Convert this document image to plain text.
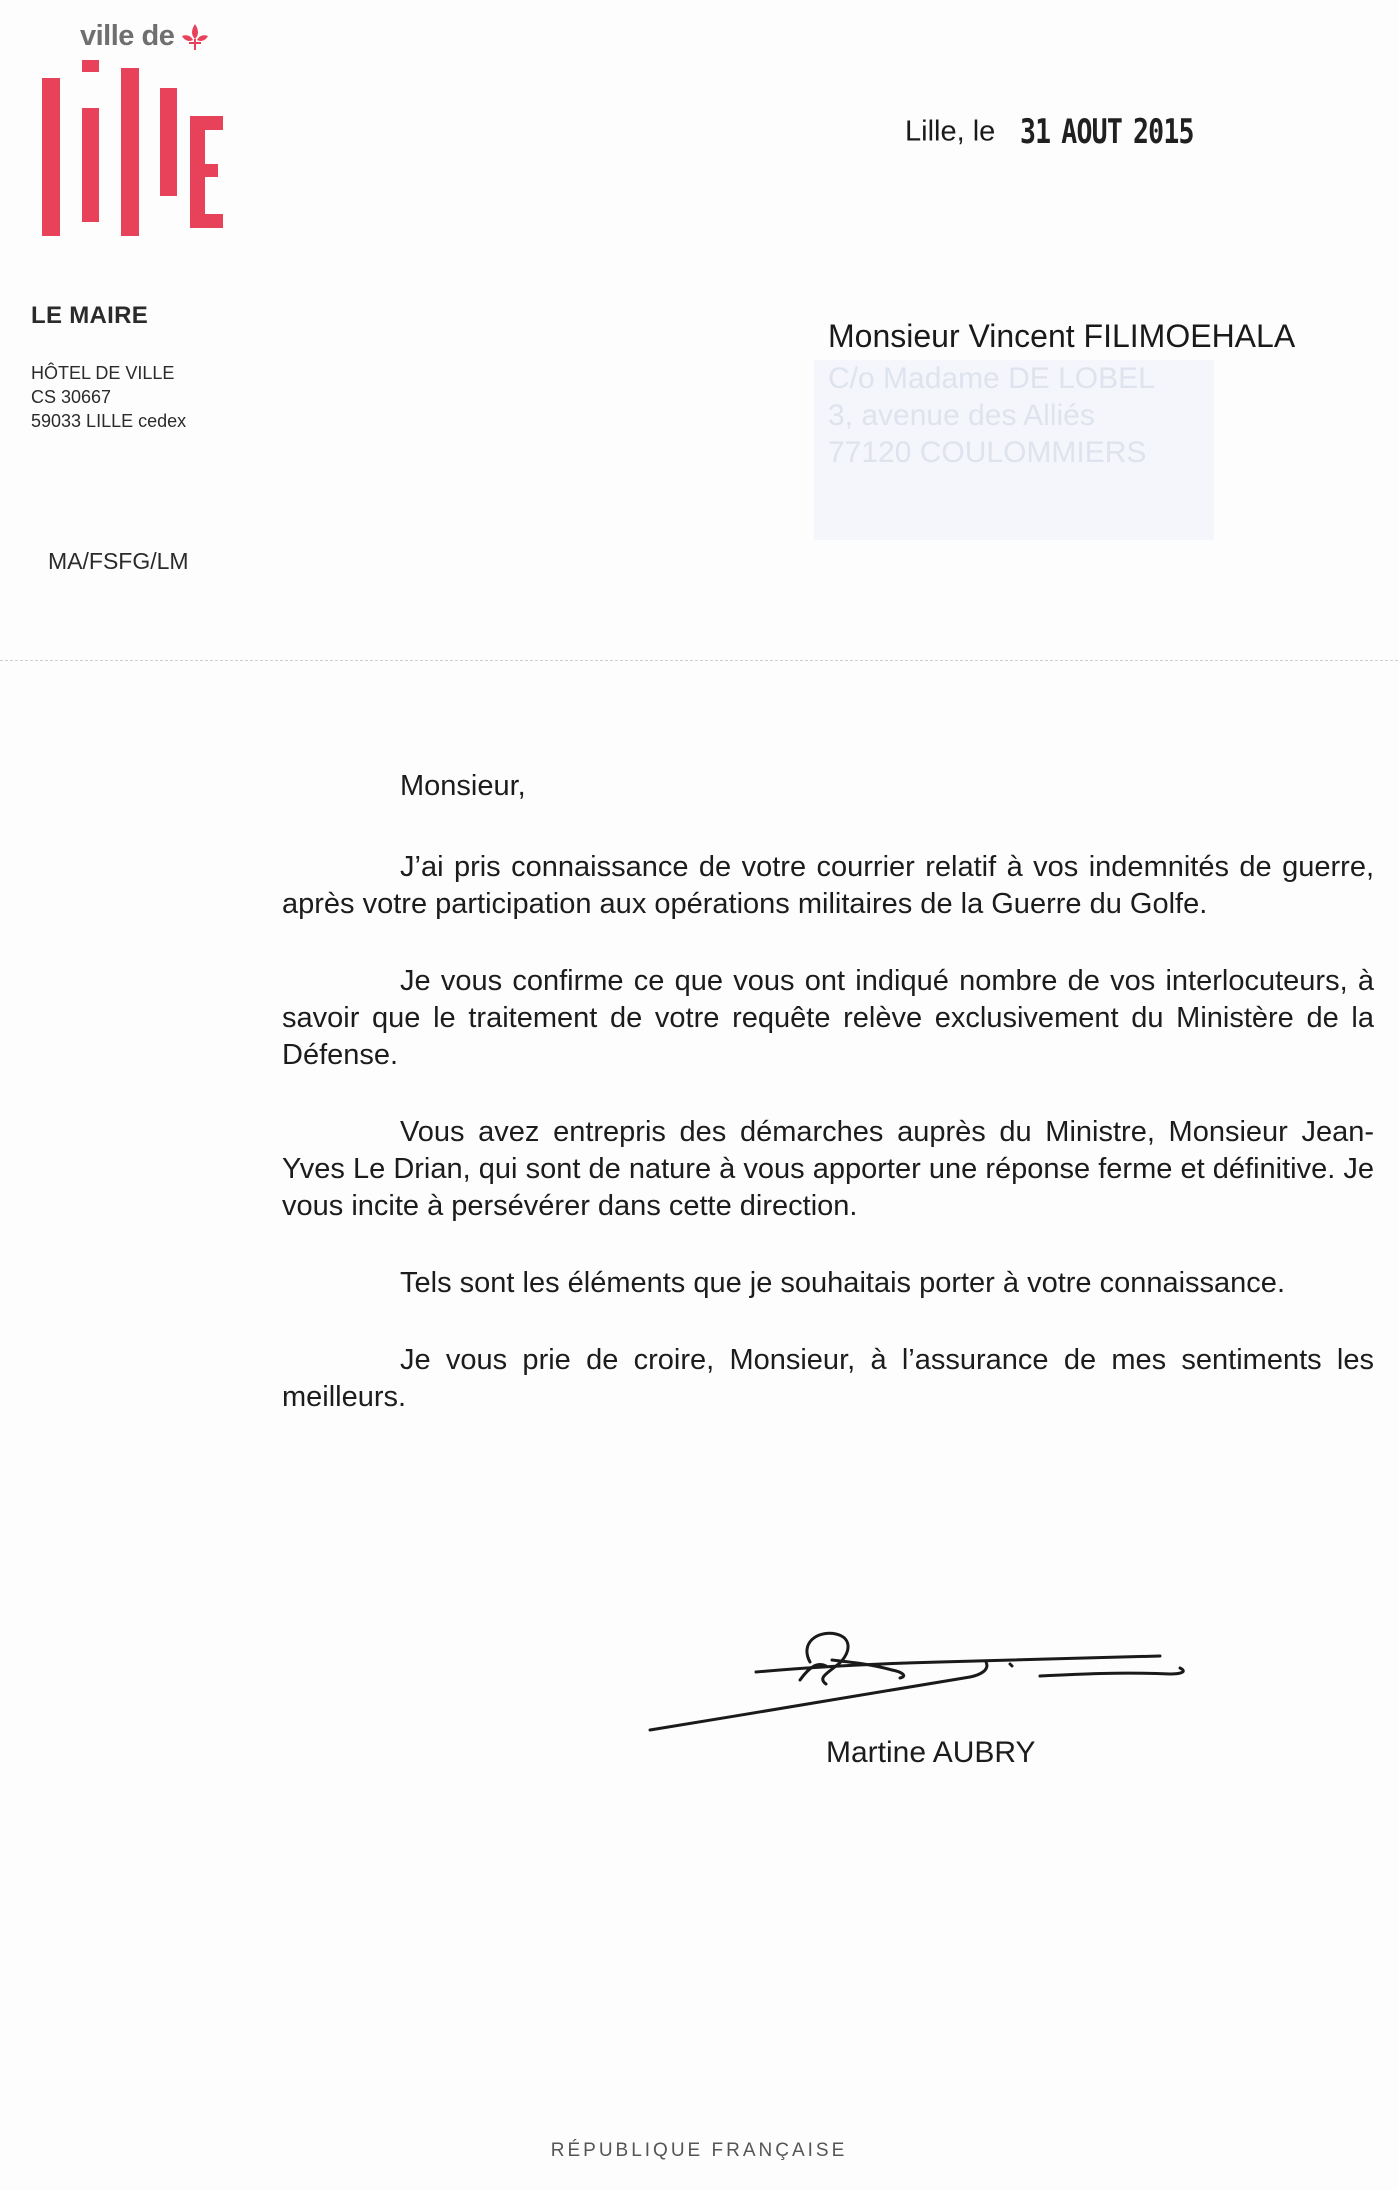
ville de
LE MAIRE
HÔTEL DE VILLE
CS 30667
59033 LILLE cedex
MA/FSFG/LM
Lille, le 31 AOUT 2015
Monsieur Vincent FILIMOEHALA
C/o Madame DE LOBEL
3, avenue des Alliés
77120 COULOMMIERS
Monsieur,

J’ai pris connaissance de votre courrier relatif à vos indemnités de guerre, après votre participation aux opérations militaires de la Guerre du Golfe.

Je vous confirme ce que vous ont indiqué nombre de vos interlocuteurs, à savoir que le traitement de votre requête relève exclusivement du Ministère de la Défense.

Vous avez entrepris des démarches auprès du Ministre, Monsieur Jean-Yves Le Drian, qui sont de nature à vous apporter une réponse ferme et définitive. Je vous incite à persévérer dans cette direction.

Tels sont les éléments que je souhaitais porter à votre connaissance.

Je vous prie de croire, Monsieur, à l’assurance de mes sentiments les meilleurs.

Martine AUBRY
RÉPUBLIQUE FRANÇAISE
